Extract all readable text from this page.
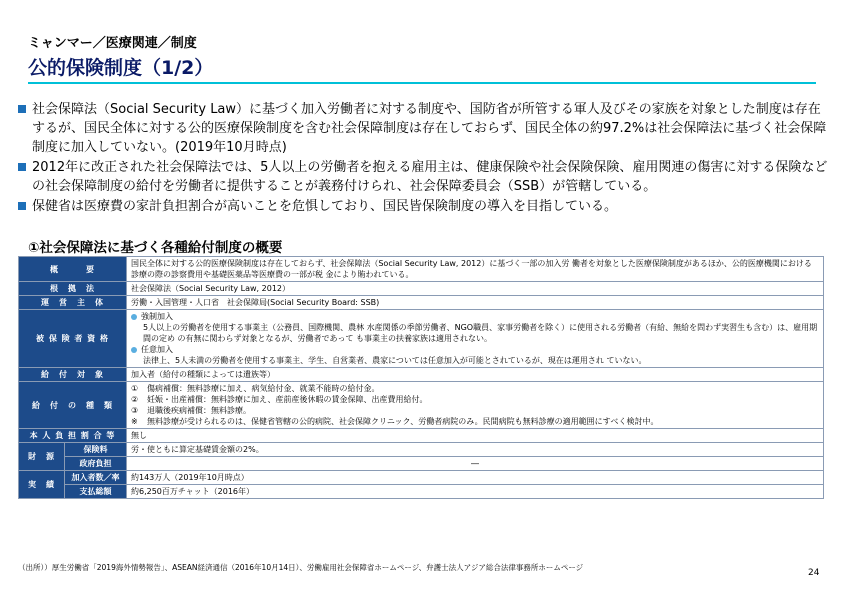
ミャンマー／医療関連／制度
公的保険制度（1/2）
社会保障法（Social Security Law）に基づく加入労働者に対する制度や、国防省が所管する軍人及びその家族を対象とした制度は存在するが、国民全体に対する公的医療保険制度を含む社会保障制度は存在しておらず、国民全体の約97.2%は社会保障法に基づく社会保障制度に加入していない。(2019年10月時点)
2012年に改正された社会保障法では、5人以上の労働者を抱える雇用主は、健康保険や社会保険保険、雇用関連の傷害に対する保険などの社会保障制度の給付を労働者に提供することが義務付けられ、社会保障委員会（SSB）が管轄している。
保健省は医療費の家計負担割合が高いことを危惧しており、国民皆保険制度の導入を目指している。
①社会保障法に基づく各種給付制度の概要
概　　　要		国民全体に対する公的医療保険制度は存在しておらず、社会保障法（Social Security Law, 2012）に基づく一部の加入労 働者を対象とした医療保険制度があるほか、公的医療機関における診療の際の診察費用や基礎医薬品等医療費の一部が税 金により賄われている。
根　拠　法		社会保障法（Social Security Law, 2012）
運　営　主　体		労働・入国管理・人口省　社会保障局(Social Security Board: SSB)
被 保 険 者 資 格		強制加入
5人以上の労働者を使用する事業主（公務員、国際機関、農林 水産関係の季節労働者、NGO職員、家事労働者を除く）に使用される労働者（有給、無給を問わず実習生も含む）は、雇用期間の定め の有無に関わらず対象となるが、労働者であって も事業主の扶養家族は適用されない。
任意加入
法律上、5人未満の労働者を使用する事業主、学生、自営業者、農家については任意加入が可能とされているが、現在は運用され ていない。

給　付　対　象		加入者（給付の種類によっては遺族等）
給　付　の　種　類		① 傷病補償：無料診療に加え、病気給付金、就業不能時の給付金。
② 妊娠・出産補償：無料診療に加え、産前産後休暇の賃金保障、出産費用給付。
③ 退職後疾病補償：無料診療。
※ 無料診療が受けられるのは、保健省管轄の公的病院、社会保障クリニック、労働者病院のみ。民間病院も無料診療の適用範囲にすべく検討中。

本 人 負 担 割 合 等		無し
財　源	保険料	労・使ともに算定基礎賃金額の2%。
	政府負担	―
実　績	加入者数／率	約143万人（2019年10月時点）
	支払総額	約6,250百万チャット（2016年）
（出所））厚生労働省「2019海外情勢報告」、ASEAN経済通信（2016年10月14日）、労働雇用社会保障省ホームページ、弁護士法人アジア総合法律事務所ホームページ
24
